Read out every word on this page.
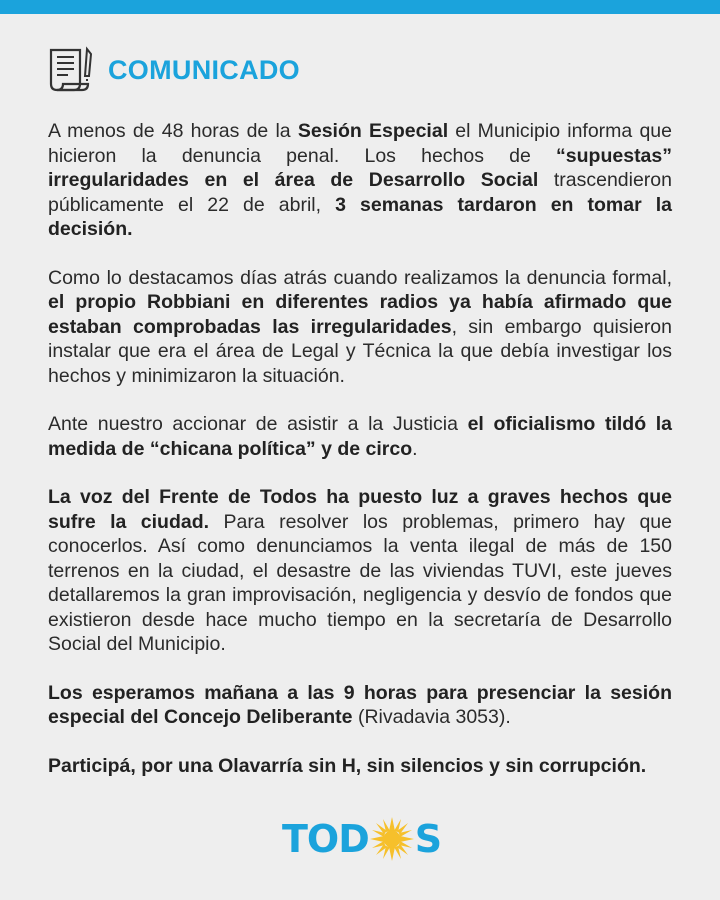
COMUNICADO

A menos de 48 horas de la Sesión Especial el Municipio informa que hicieron la denuncia penal. Los hechos de “supuestas” irregularidades en el área de Desarrollo Social trascendieron públicamente el 22 de abril, 3 semanas tardaron en tomar la decisión.

Como lo destacamos días atrás cuando realizamos la denuncia formal, el propio Robbiani en diferentes radios ya había afirmado que estaban comprobadas las irregularidades, sin embargo quisieron instalar que era el área de Legal y Técnica la que debía investigar los hechos y minimizaron la situación.

Ante nuestro accionar de asistir a la Justicia el oficialismo tildó la medida de “chicana política” y de circo.

La voz del Frente de Todos ha puesto luz a graves hechos que sufre la ciudad. Para resolver los problemas, primero hay que conocerlos. Así como denunciamos la venta ilegal de más de 150 terrenos en la ciudad, el desastre de las viviendas TUVI, este jueves detallaremos la gran improvisación, negligencia y desvío de fondos que existieron desde hace mucho tiempo en la secretaría de Desarrollo Social del Municipio.

Los esperamos mañana a las 9 horas para presenciar la sesión especial del Concejo Deliberante (Rivadavia 3053).

Participá, por una Olavarría sin H, sin silencios y sin corrupción.

TOD S
